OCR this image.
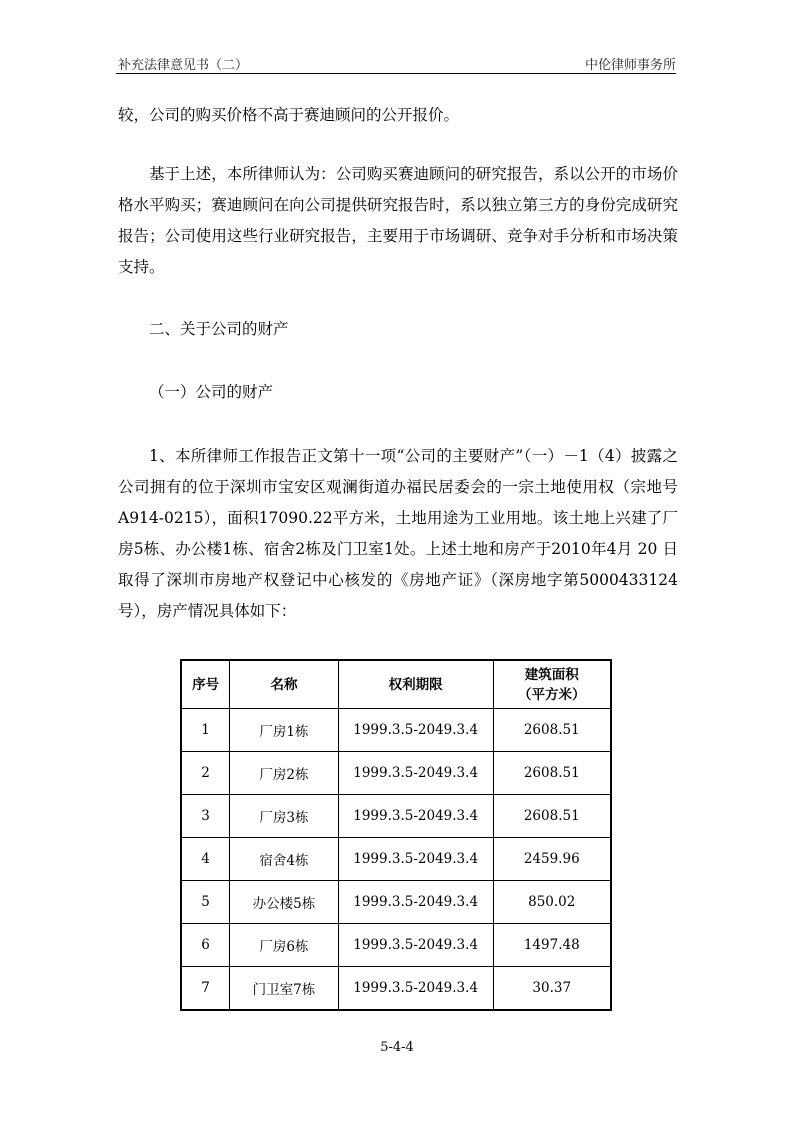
补充法律意见书（二）	中伦律师事务所

较，公司的购买价格不高于赛迪顾问的公开报价。

基于上述，本所律师认为：公司购买赛迪顾问的研究报告，系以公开的市场价格水平购买；赛迪顾问在向公司提供研究报告时，系以独立第三方的身份完成研究报告；公司使用这些行业研究报告，主要用于市场调研、竞争对手分析和市场决策支持。

二、关于公司的财产

（一）公司的财产

1、本所律师工作报告正文第十一项“公司的主要财产”（一）－1（4）披露之公司拥有的位于深圳市宝安区观澜街道办福民居委会的一宗土地使用权（宗地号A914-0215），面积17090.22平方米，土地用途为工业用地。该土地上兴建了厂房5栋、办公楼1栋、宿舍2栋及门卫室1处。上述土地和房产于2010年4月 20 日取得了深圳市房地产权登记中心核发的《房地产证》（深房地字第5000433124号），房产情况具体如下：

序号	名称	权利期限	建筑面积
（平方米）

1	厂房1栋	1999.3.5-2049.3.4	2608.51
2	厂房2栋	1999.3.5-2049.3.4	2608.51
3	厂房3栋	1999.3.5-2049.3.4	2608.51
4	宿舍4栋	1999.3.5-2049.3.4	2459.96
5	办公楼5栋	1999.3.5-2049.3.4	850.02
6	厂房6栋	1999.3.5-2049.3.4	1497.48
7	门卫室7栋	1999.3.5-2049.3.4	30.37
5-4-4
